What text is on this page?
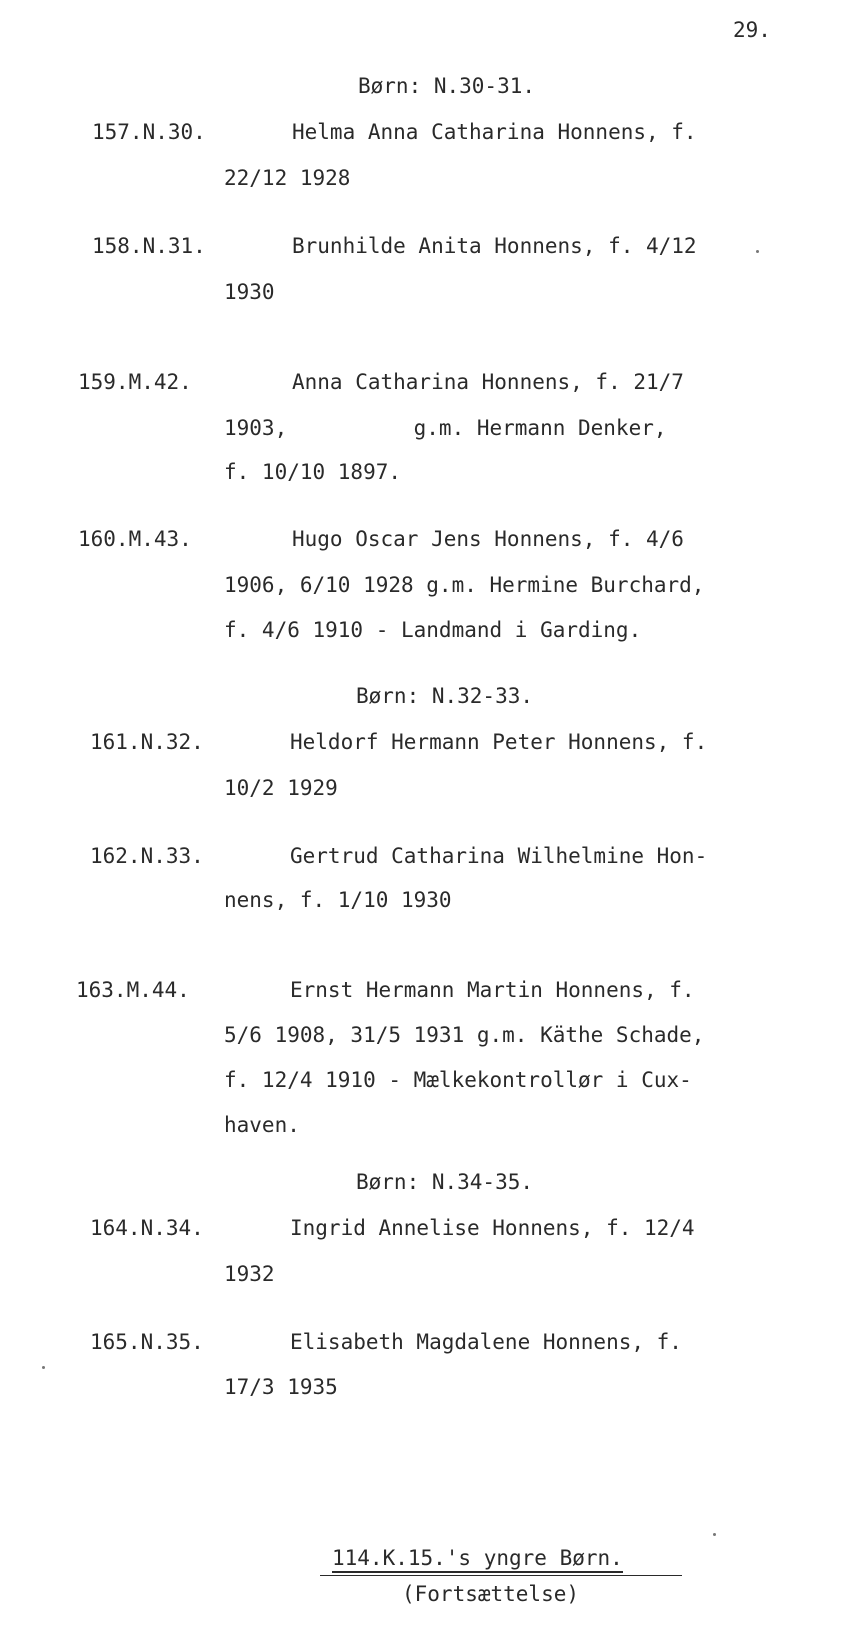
29.
Børn: N.30-31.
157.N.30.	Helma Anna Catharina Honnens, f.
22/12 1928
158.N.31.	Brunhilde Anita Honnens, f. 4/12
1930
159.M.42.	Anna Catharina Honnens, f. 21/7
1903,          g.m. Hermann Denker,
f. 10/10 1897.
160.M.43.	Hugo Oscar Jens Honnens, f. 4/6
1906, 6/10 1928 g.m. Hermine Burchard,
f. 4/6 1910 - Landmand i Garding.
Børn: N.32-33.
161.N.32.	Heldorf Hermann Peter Honnens, f.
10/2 1929
162.N.33.	Gertrud Catharina Wilhelmine Hon-
nens, f. 1/10 1930
163.M.44.	Ernst Hermann Martin Honnens, f.
5/6 1908, 31/5 1931 g.m. Käthe Schade,
f. 12/4 1910 - Mælkekontrollør i Cux-
haven.
Børn: N.34-35.
164.N.34.	Ingrid Annelise Honnens, f. 12/4
1932
165.N.35.	Elisabeth Magdalene Honnens, f.
17/3 1935
114.K.15.'s yngre Børn.
(Fortsættelse)
